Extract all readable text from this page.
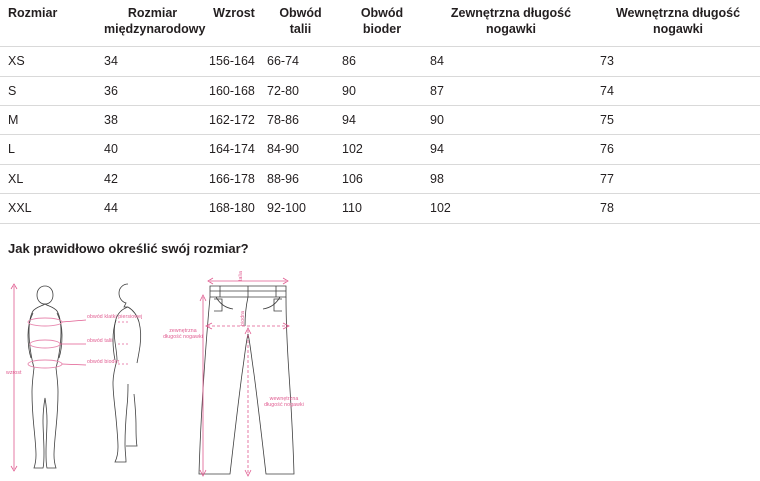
Rozmiar	Rozmiar międzynarodowy	Wzrost	Obwód talii	Obwód bioder	Zewnętrzna długość nogawki	Wewnętrzna długość nogawki
XS	34	156-164	66-74	86	84	73
S	36	160-168	72-80	90	87	74
M	38	162-172	78-86	94	90	75
L	40	164-174	84-90	102	94	76
XL	42	166-178	88-96	106	98	77
XXL	44	168-180	92-100	110	102	78
Jak prawidłowo określić swój rozmiar?
obwód klatki piersiowej
obwód talii
obwód bioder
wzrost
talia
biodra
zewnętrzna długość nogawki
wewnętrzna długość nogawki
